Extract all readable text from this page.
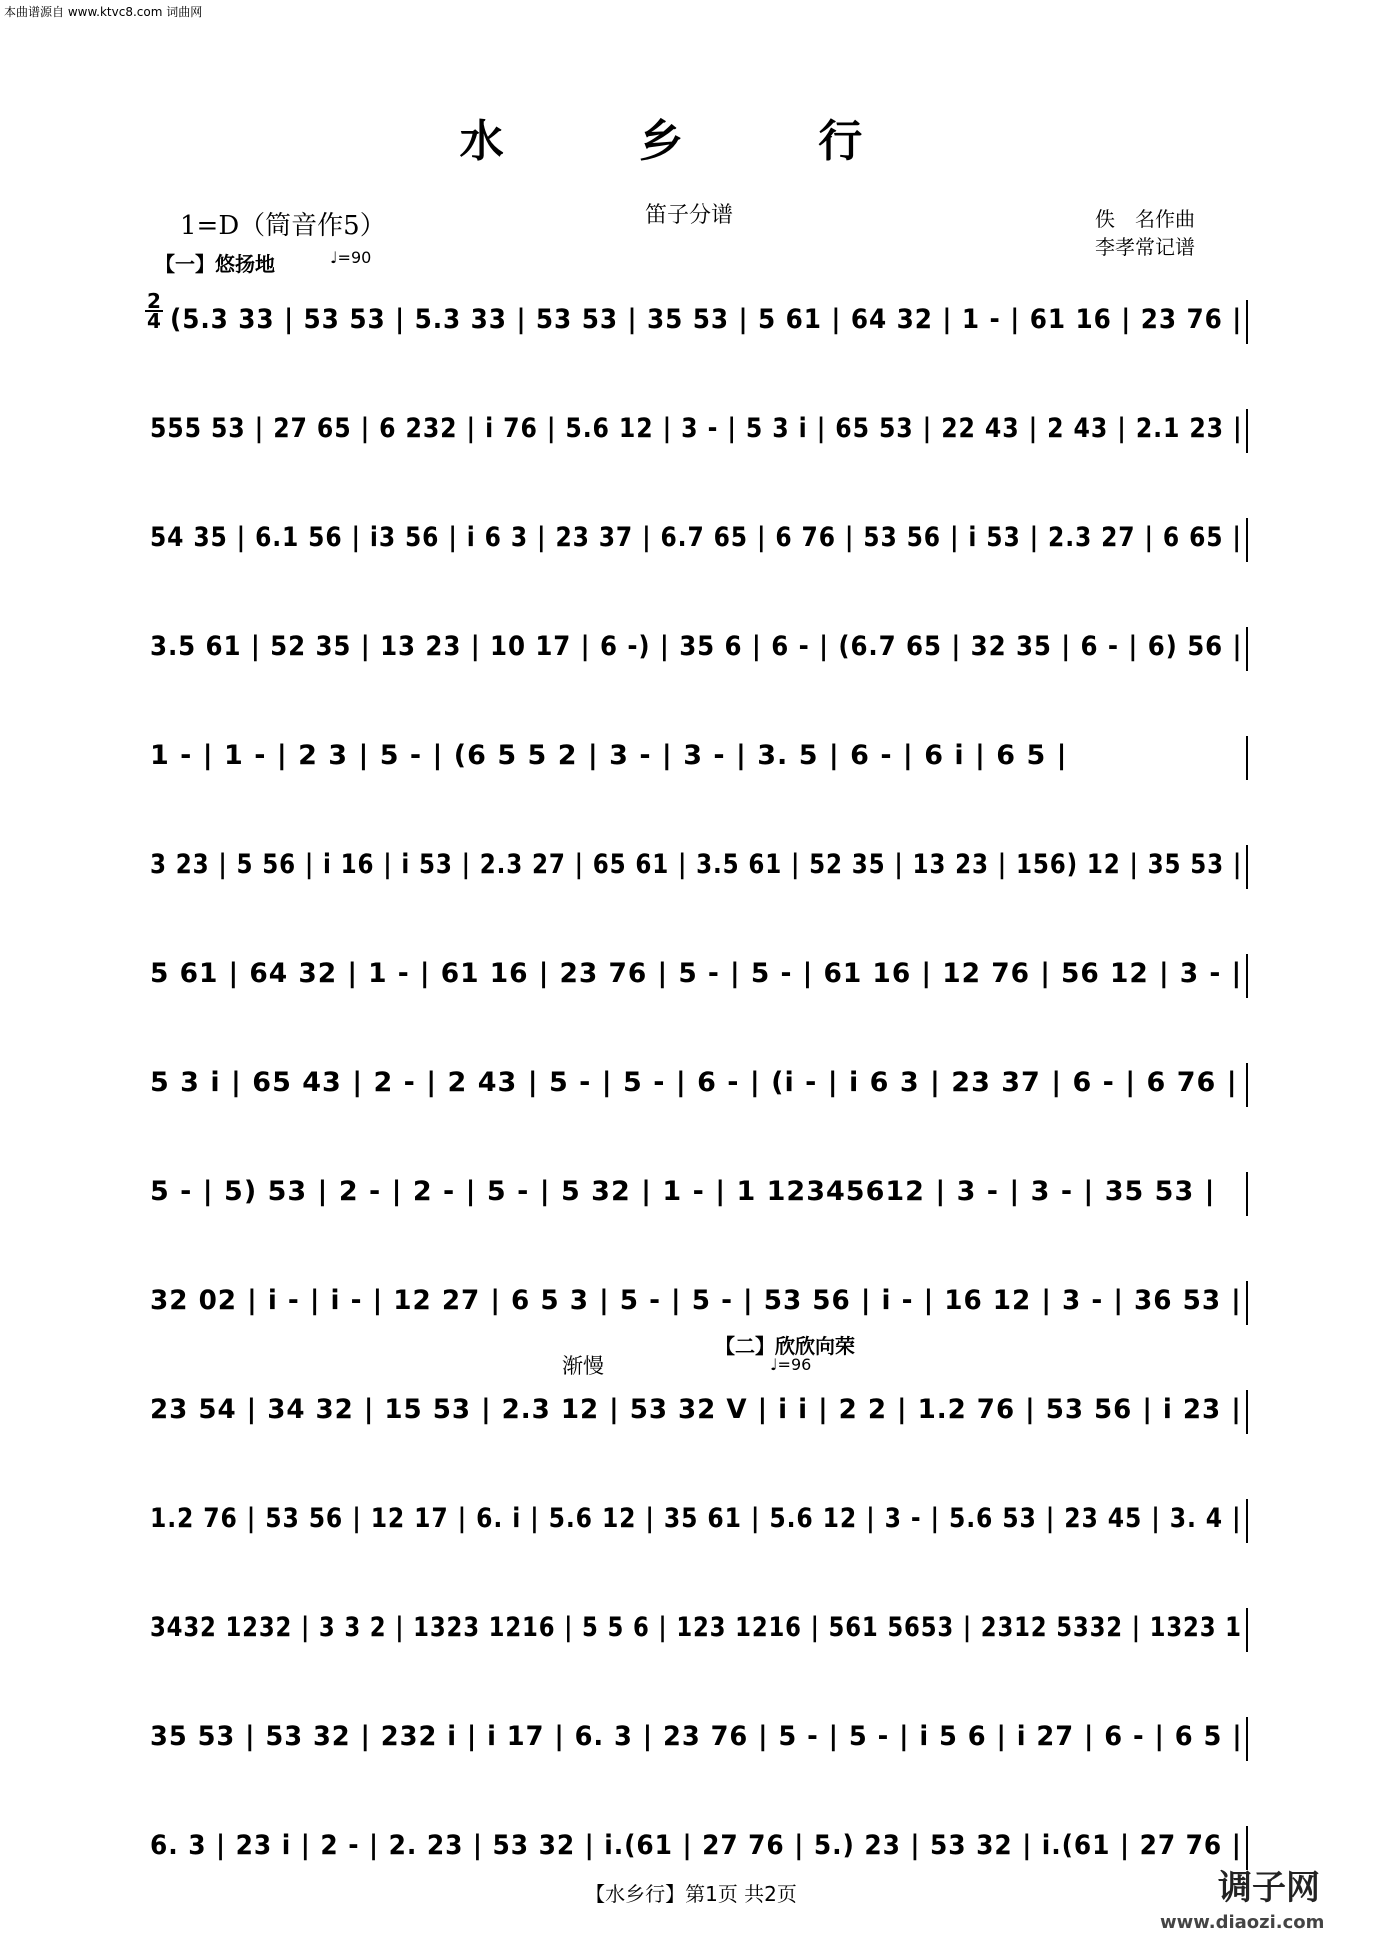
本曲谱源自 www.ktvc8.com 词曲网
水 乡 行
1=D（筒音作5）	笛子分谱	佚　名作曲
李孝常记谱
【一】悠扬地	♩=90
2
4 (5.3 33 | 53 53 | 5.3 33 | 53 53 | 35 53 | 5 61 | 64 32 | 1 - | 61 16 | 23 76 |
555 53 | 27 65 | 6 232 | i 76 | 5.6 12 | 3 - | 5 3 i | 65 53 | 22 43 | 2 43 | 2.1 23 |
54 35 | 6.1 56 | i3 56 | i 6 3 | 23 37 | 6.7 65 | 6 76 | 53 56 | i 53 | 2.3 27 | 6 65 |
3.5 61 | 52 35 | 13 23 | 10 17 | 6 -) | 35 6 | 6 - | (6.7 65 | 32 35 | 6 - | 6) 56 |
1 - | 1 - | 2 3 | 5 - | (6 5 5 2 | 3 - | 3 - | 3. 5 | 6 - | 6 i | 6 5 |
3 23 | 5 56 | i 16 | i 53 | 2.3 27 | 65 61 | 3.5 61 | 52 35 | 13 23 | 156) 12 | 35 53 |
5 61 | 64 32 | 1 - | 61 16 | 23 76 | 5 - | 5 - | 61 16 | 12 76 | 56 12 | 3 - |
5 3 i | 65 43 | 2 - | 2 43 | 5 - | 5 - | 6 - | (i - | i 6 3 | 23 37 | 6 - | 6 76 |
5 - | 5) 53 | 2 - | 2 - | 5 - | 5 32 | 1 - | 1 12345612 | 3 - | 3 - | 35 53 |
32 02 | i - | i - | 12 27 | 6 5 3 | 5 - | 5 - | 53 56 | i - | 16 12 | 3 - | 36 53 |
23 54 | 34 32 | 15 53 | 2.3 12 | 53 32 V | i i | 2 2 | 1.2 76 | 53 56 | i 23 |
1.2 76 | 53 56 | 12 17 | 6. i | 5.6 12 | 35 61 | 5.6 12 | 3 - | 5.6 53 | 23 45 | 3. 4 |
3432 1232 | 3 3 2 | 1323 1216 | 5 5 6 | 123 1216 | 561 5653 | 2312 5332 | 1323 1
35 53 | 53 32 | 232 i | i 17 | 6. 3 | 23 76 | 5 - | 5 - | i 5 6 | i 27 | 6 - | 6 5 |
6. 3 | 23 i | 2 - | 2. 23 | 53 32 | i.(61 | 27 76 | 5.) 23 | 53 32 | i.(61 | 27 76 |
【二】欣欣向荣
渐慢	♩=96
【水乡行】第1页 共2页	调子网
www.diaozi.com
